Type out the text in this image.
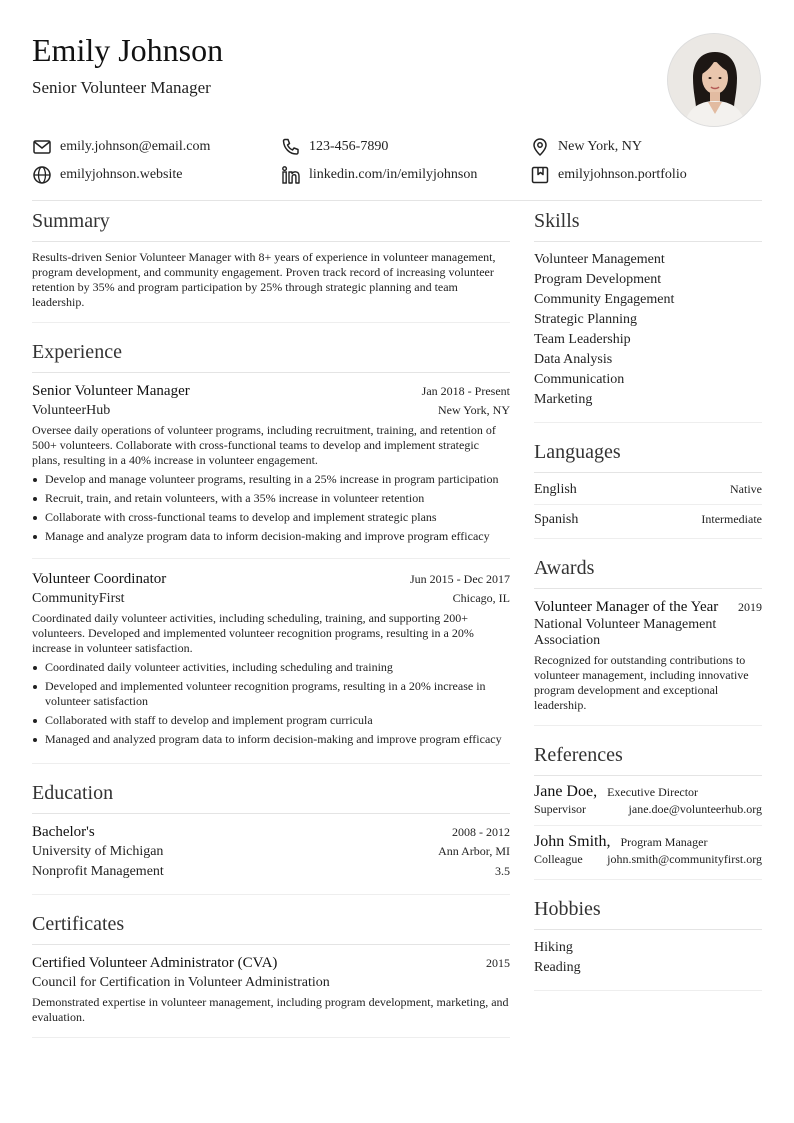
Emily Johnson
Senior Volunteer Manager
emily.johnson@email.com	123-456-7890	New York, NY
emilyjohnson.website	linkedin.com/in/emilyjohnson	emilyjohnson.portfolio
Summary
Results-driven Senior Volunteer Manager with 8+ years of experience in volunteer management, program development, and community engagement. Proven track record of increasing volunteer retention by 35% and program participation by 25% through strategic planning and team leadership.
Experience
Senior Volunteer Manager	Jan 2018 - Present
VolunteerHub	New York, NY
Oversee daily operations of volunteer programs, including recruitment, training, and retention of 500+ volunteers. Collaborate with cross-functional teams to develop and implement strategic plans, resulting in a 40% increase in volunteer engagement.
Develop and manage volunteer programs, resulting in a 25% increase in program participation
Recruit, train, and retain volunteers, with a 35% increase in volunteer retention
Collaborate with cross-functional teams to develop and implement strategic plans
Manage and analyze program data to inform decision-making and improve program efficacy
Volunteer Coordinator	Jun 2015 - Dec 2017
CommunityFirst	Chicago, IL
Coordinated daily volunteer activities, including scheduling, training, and supporting 200+ volunteers. Developed and implemented volunteer recognition programs, resulting in a 20% increase in volunteer satisfaction.
Coordinated daily volunteer activities, including scheduling and training
Developed and implemented volunteer recognition programs, resulting in a 20% increase in volunteer satisfaction
Collaborated with staff to develop and implement program curricula
Managed and analyzed program data to inform decision-making and improve program efficacy
Education
Bachelor's	2008 - 2012
University of Michigan	Ann Arbor, MI
Nonprofit Management	3.5
Certificates
Certified Volunteer Administrator (CVA)	2015
Council for Certification in Volunteer Administration
Demonstrated expertise in volunteer management, including program development, marketing, and evaluation.
Skills
Volunteer Management
Program Development
Community Engagement
Strategic Planning
Team Leadership
Data Analysis
Communication
Marketing
Languages
English	Native
Spanish	Intermediate
Awards
Volunteer Manager of the Year 2019
National Volunteer Management Association
Recognized for outstanding contributions to volunteer management, including innovative program development and exceptional leadership.
References
Jane Doe, Executive Director
Supervisor	jane.doe@volunteerhub.org
John Smith, Program Manager
Colleague john.smith@communityfirst.org
Hobbies
Hiking
Reading
